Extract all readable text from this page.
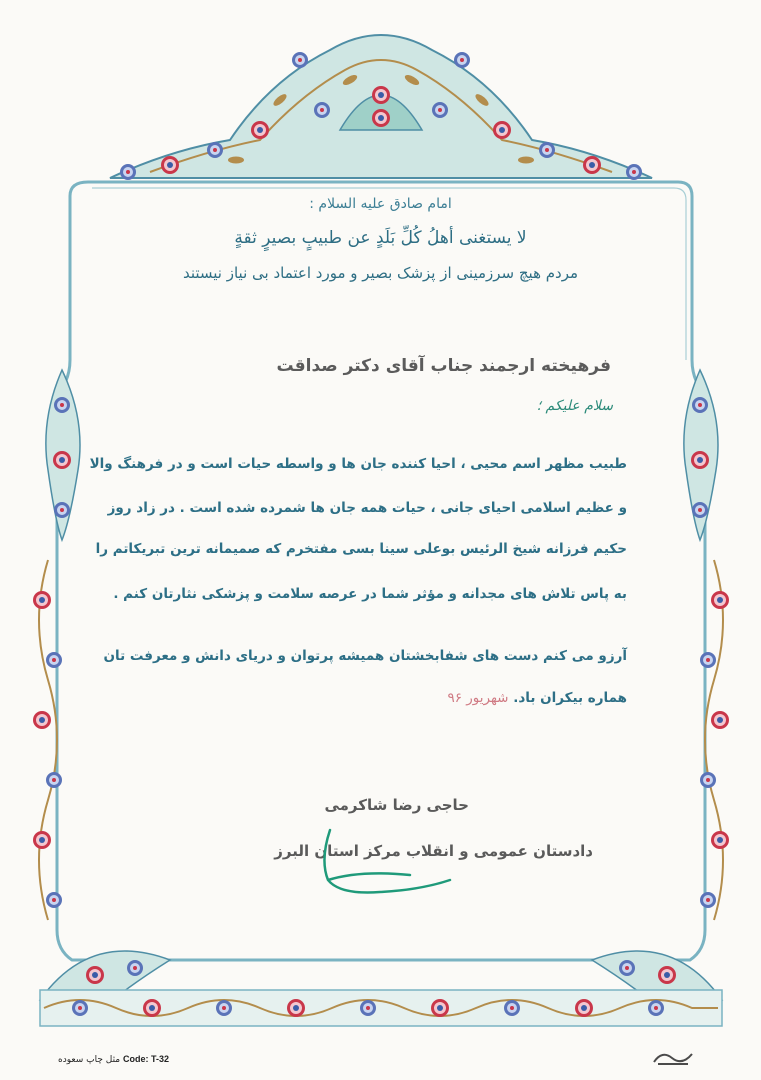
امام صادق علیه السلام :
لا يستغنى أهلُ كُلِّ بَلَدٍ عن طبيبٍ بصيرٍ ثقةٍ
مردم هیچ سرزمینی از پزشک بصیر و مورد اعتماد بی نیاز نیستند
فرهیخته ارجمند جناب آقای دکتر صداقت
سلام علیکم ؛
طبیب مظهر اسم محیی ، احیا کننده جان ها و واسطه حیات است و در فرهنگ والا
و عظیم اسلامی احیای جانی ، حیات همه جان ها شمرده شده است . در زاد روز
حکیم فرزانه شیخ الرئیس بوعلی سینا بسی مفتخرم که صمیمانه ترین تبریکاتم را
به پاس تلاش های مجدانه و مؤثر شما در عرصه سلامت و پزشکی نثارتان کنم .
آرزو می کنم دست های شفابخشتان همیشه پرتوان و دریای دانش و معرفت تان
هماره بیکران باد. شهریور ۹۶
حاجی رضا شاکرمی
دادستان عمومی و انقلاب مرکز استان البرز
Code: T-32 مثل چاپ سعوده
